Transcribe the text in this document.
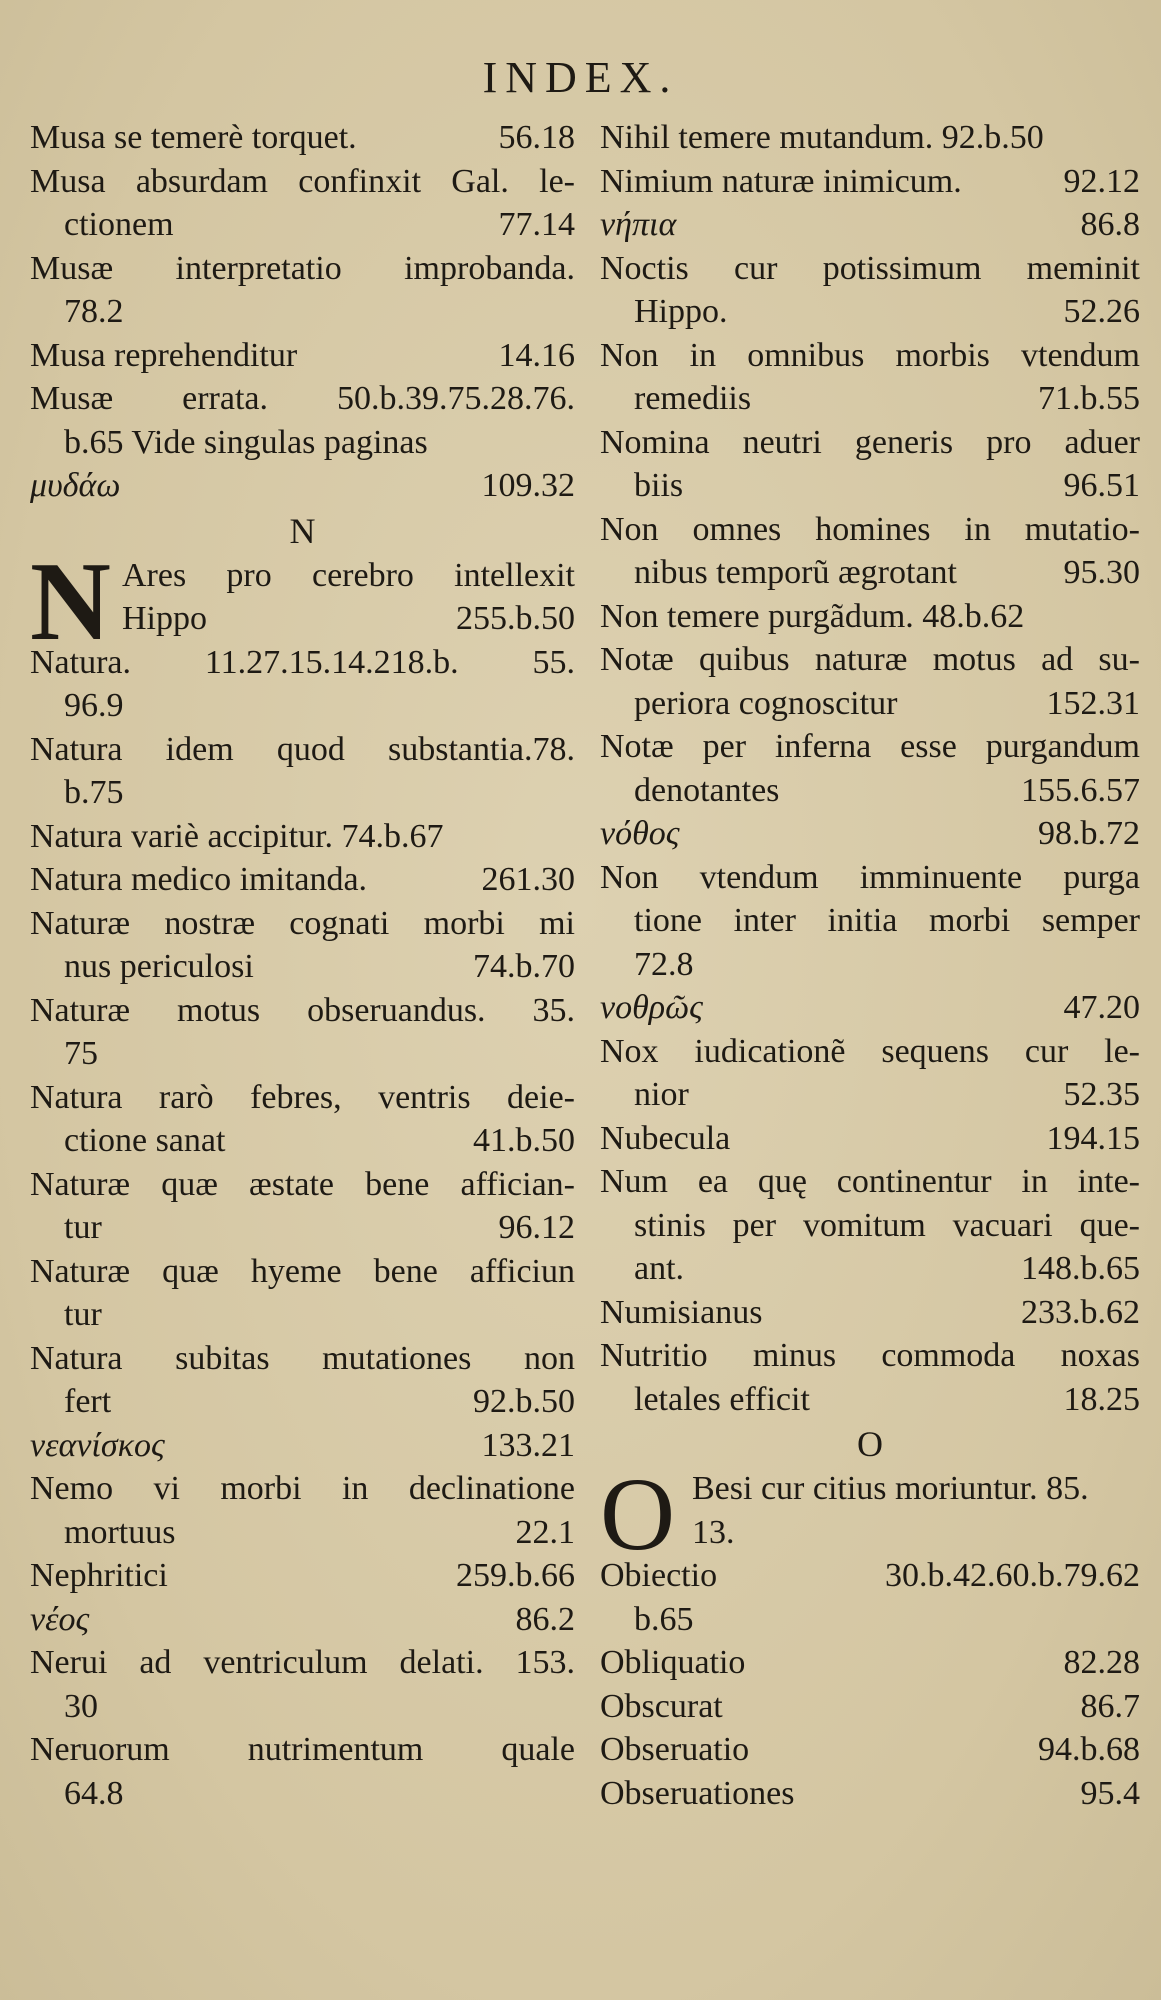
INDEX.
Musa se temerè torquet.	56.18
Musa absurdam confinxit Gal. le-
ctionem	77.14
Musæ interpretatio improbanda.
78.2
Musa reprehenditur	14.16
Musæ errata. 50.b.39.75.28.76.
b.65 Vide singulas paginas
μυδάω	109.32
N
N Ares pro cerebro intellexit
Hippo	255.b.50
Natura. 11.27.15.14.218.b. 55.
96.9
Natura idem quod substantia.78.
b.75
Natura variè accipitur. 74.b.67
Natura medico imitanda.	261.30
Naturæ nostræ cognati morbi mi
nus periculosi	74.b.70
Naturæ motus obseruandus. 35.
75
Natura rarò febres, ventris deie-
ctione sanat	41.b.50
Naturæ quæ æstate bene affician-
tur	96.12
Naturæ quæ hyeme bene afficiun
tur
Natura subitas mutationes non
fert	92.b.50
νεανίσκος	133.21
Nemo vi morbi in declinatione
mortuus	22.1
Nephritici	259.b.66
νέος	86.2
Nerui ad ventriculum delati. 153.
30
Neruorum nutrimentum quale
64.8
Nihil temere mutandum. 92.b.50
Nimium naturæ inimicum.	92.12
νήπια	86.8
Noctis cur potissimum meminit
Hippo.	52.26
Non in omnibus morbis vtendum
remediis	71.b.55
Nomina neutri generis pro aduer
biis	96.51
Non omnes homines in mutatio-
nibus temporũ ægrotant	95.30
Non temere purgãdum. 48.b.62
Notæ quibus naturæ motus ad su-
periora cognoscitur	152.31
Notæ per inferna esse purgandum
denotantes	155.6.57
νόθος	98.b.72
Non vtendum imminuente purga
tione inter initia morbi semper
72.8
νοθρῶς	47.20
Nox iudicationẽ sequens cur le-
nior	52.35
Nubecula	194.15
Num ea quę continentur in inte-
stinis per vomitum vacuari que-
ant.	148.b.65
Numisianus	233.b.62
Nutritio minus commoda noxas
letales efficit	18.25
O
O Besi cur citius moriuntur. 85.
13.
Obiectio 30.b.42.60.b.79.62
b.65
Obliquatio	82.28
Obscurat	86.7
Obseruatio	94.b.68
Obseruationes	95.4
